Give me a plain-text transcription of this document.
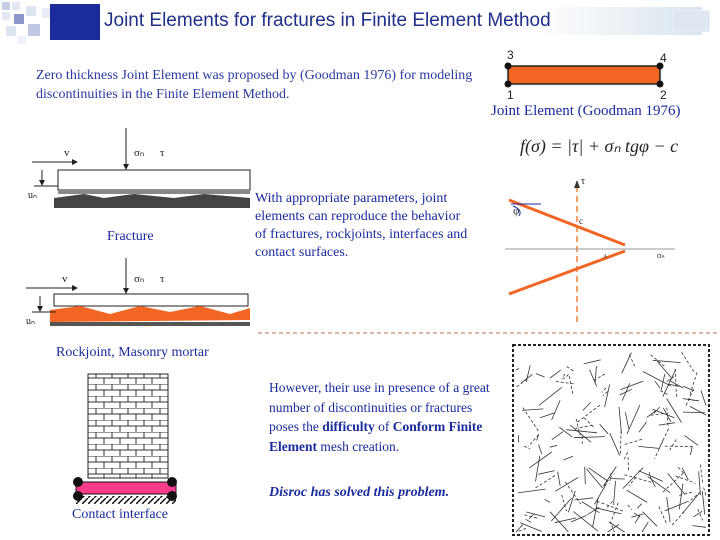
Joint Elements for fractures in Finite Element Method
Zero thickness Joint Element was proposed by (Goodman 1976) for modeling discontinuities in the Finite Element Method.
3	4
1	2
Joint Element (Goodman 1976)
f(σ) = |τ| + σₙ tgφ − c
τ
φ
c
A	σₙ
v	σₙ τ
uₙ
Fracture
With appropriate parameters, joint elements can reproduce the behavior of fractures, rockjoints, interfaces and contact surfaces.
v	σₙ τ
uₙ
Rockjoint, Masonry mortar
Contact interface
However, their use in presence of a great number of discontinuities or fractures poses the difficulty of Conform Finite Element mesh creation.
Disroc has solved this problem.
